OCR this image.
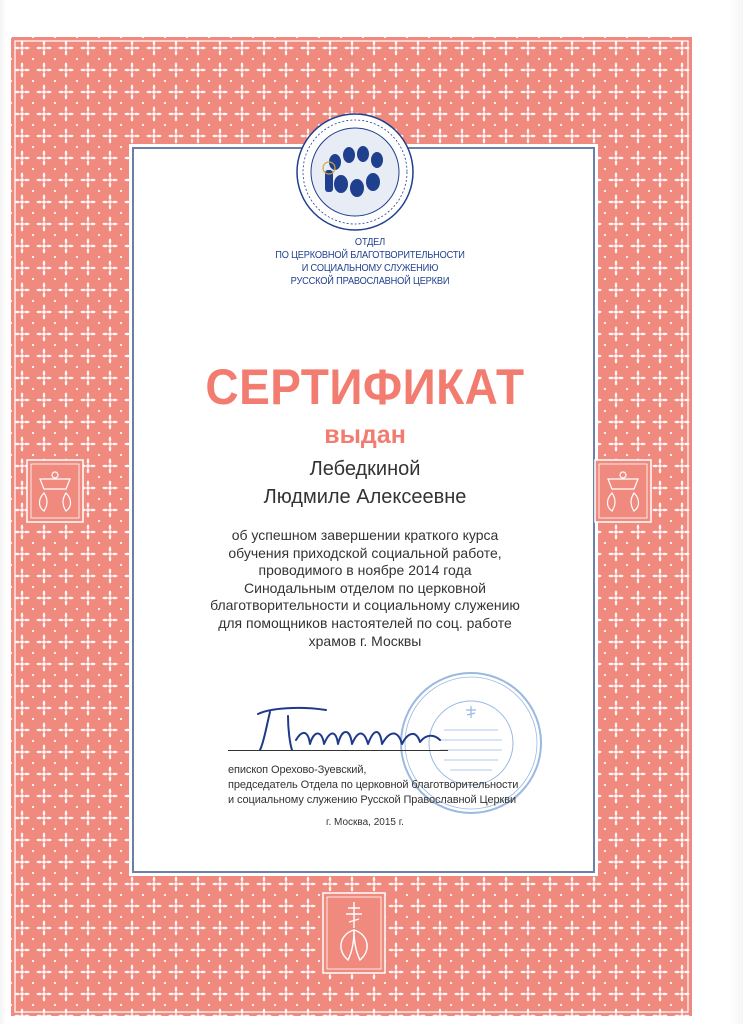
ОТДЕЛ
ПО ЦЕРКОВНОЙ БЛАГОТВОРИТЕЛЬНОСТИ
И СОЦИАЛЬНОМУ СЛУЖЕНИЮ
РУССКОЙ ПРАВОСЛАВНОЙ ЦЕРКВИ
СЕРТИФИКАТ
выдан
Лебедкиной
Людмиле Алексеевне
об успешном завершении краткого курса
обучения приходской социальной работе,
проводимого в ноябре 2014 года
Синодальным отделом по церковной
благотворительности и социальному служению
для помощников настоятелей по соц. работе
храмов г. Москвы
епископ Орехово-Зуевский,
председатель Отдела по церковной благотворительности
и социальному служению Русской Православной Церкви
г. Москва, 2015 г.
